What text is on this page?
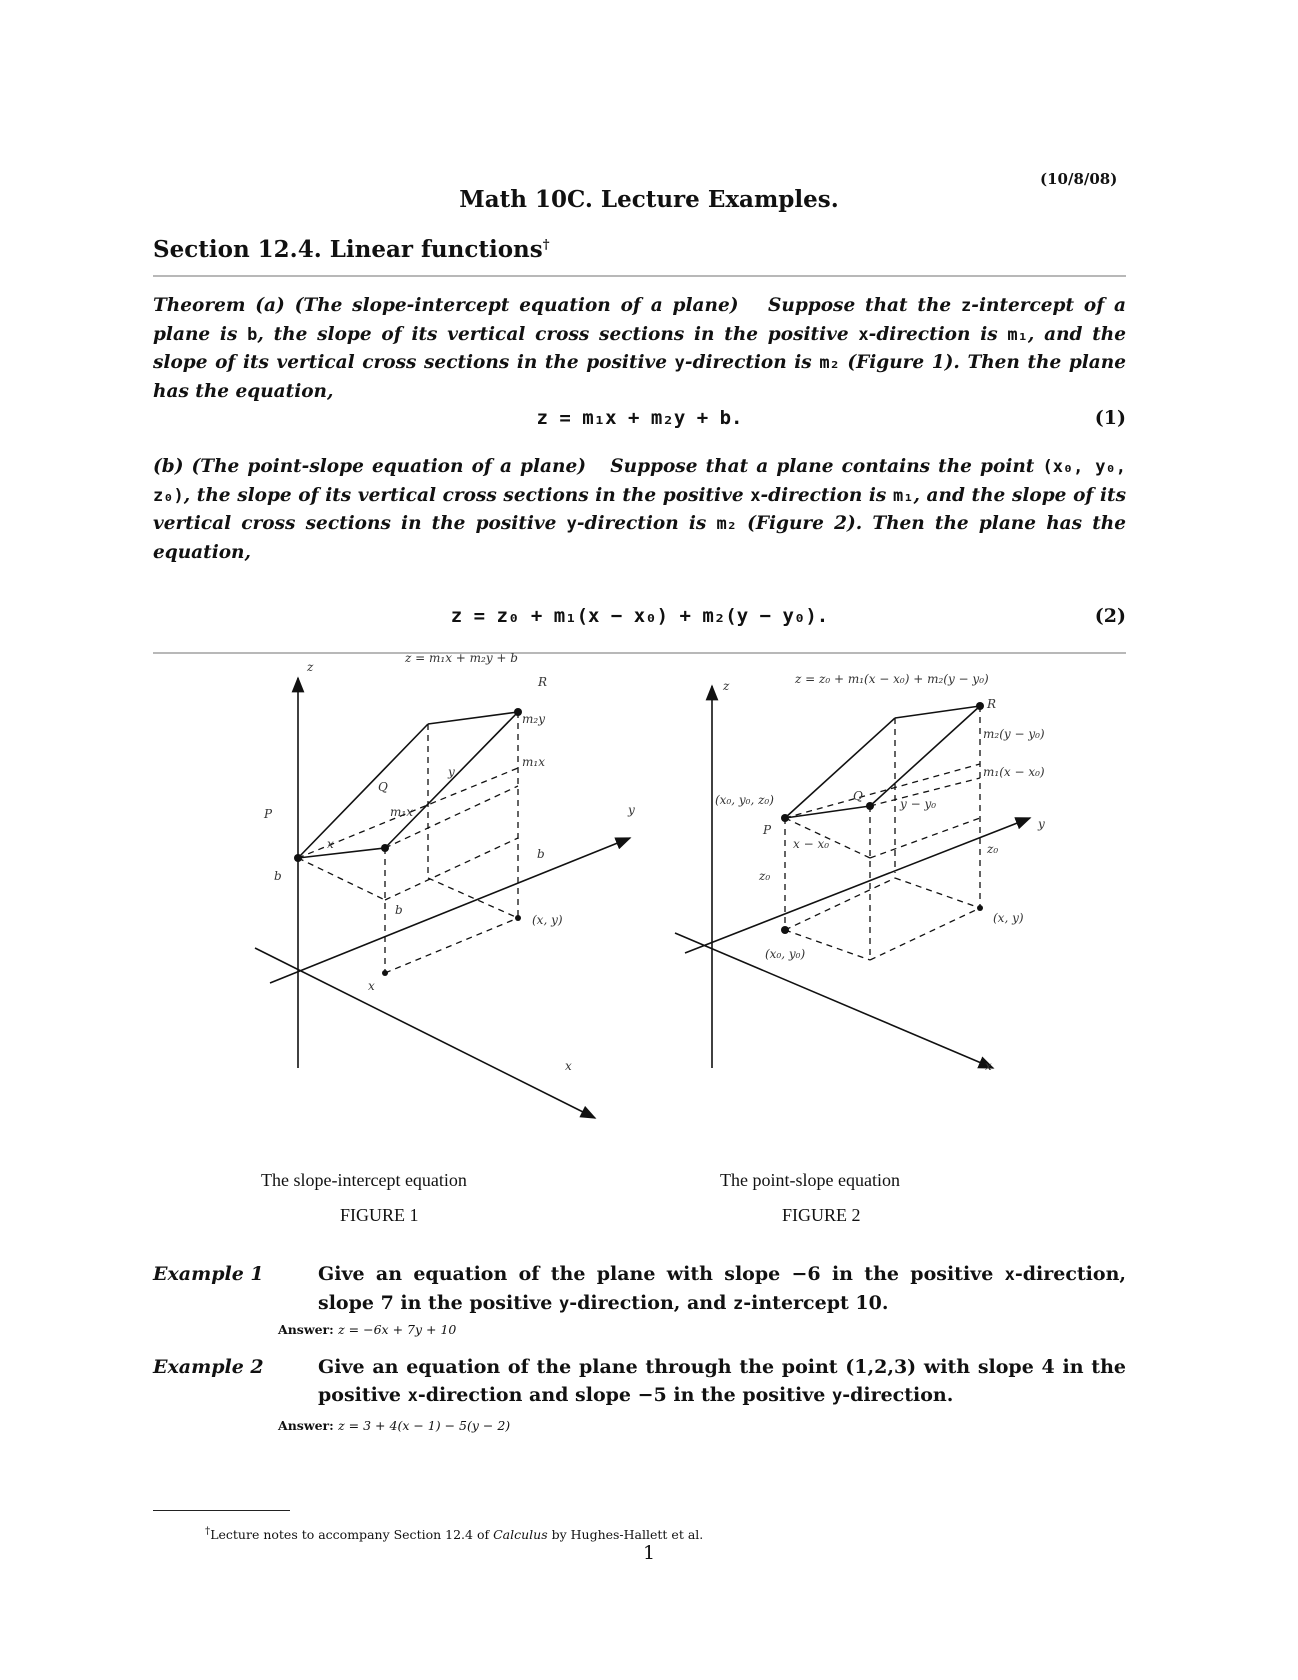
(10/8/08)
Math 10C. Lecture Examples.
Section 12.4. Linear functions†
Theorem (a) (The slope-intercept equation of a plane)   Suppose that the z-intercept of a plane is b, the slope of its vertical cross sections in the positive x-direction is m₁, and the slope of its vertical cross sections in the positive y-direction is m₂ (Figure 1). Then the plane has the equation,
z = m₁x + m₂y + b.	(1)
(b) (The point-slope equation of a plane)   Suppose that a plane contains the point (x₀, y₀, z₀), the slope of its vertical cross sections in the positive x-direction is m₁, and the slope of its vertical cross sections in the positive y-direction is m₂ (Figure 2). Then the plane has the equation,
z = z₀ + m₁(x − x₀) + m₂(y − y₀).	(2)
z = m₁x + m₂y + b
z
P
Q
R
m₂y
m₁x
m₁x
y
y
x
b
b
b
(x, y)
x
x
z = z₀ + m₁(x − x₀) + m₂(y − y₀)
z
R
m₂(y − y₀)
m₁(x − x₀)
(x₀, y₀, z₀)	Q
y − y₀
P
x − x₀
y
z₀
z₀
(x, y)
(x₀, y₀)
x
The slope-intercept equation
FIGURE 1
The point-slope equation
FIGURE 2
Example 1	Give an equation of the plane with slope −6 in the positive x-direction, slope 7 in the positive y-direction, and z-intercept 10.
Answer: z = −6x + 7y + 10
Example 2	Give an equation of the plane through the point (1,2,3) with slope 4 in the positive x-direction and slope −5 in the positive y-direction.
Answer: z = 3 + 4(x − 1) − 5(y − 2)
†Lecture notes to accompany Section 12.4 of Calculus by Hughes-Hallett et al.
1
